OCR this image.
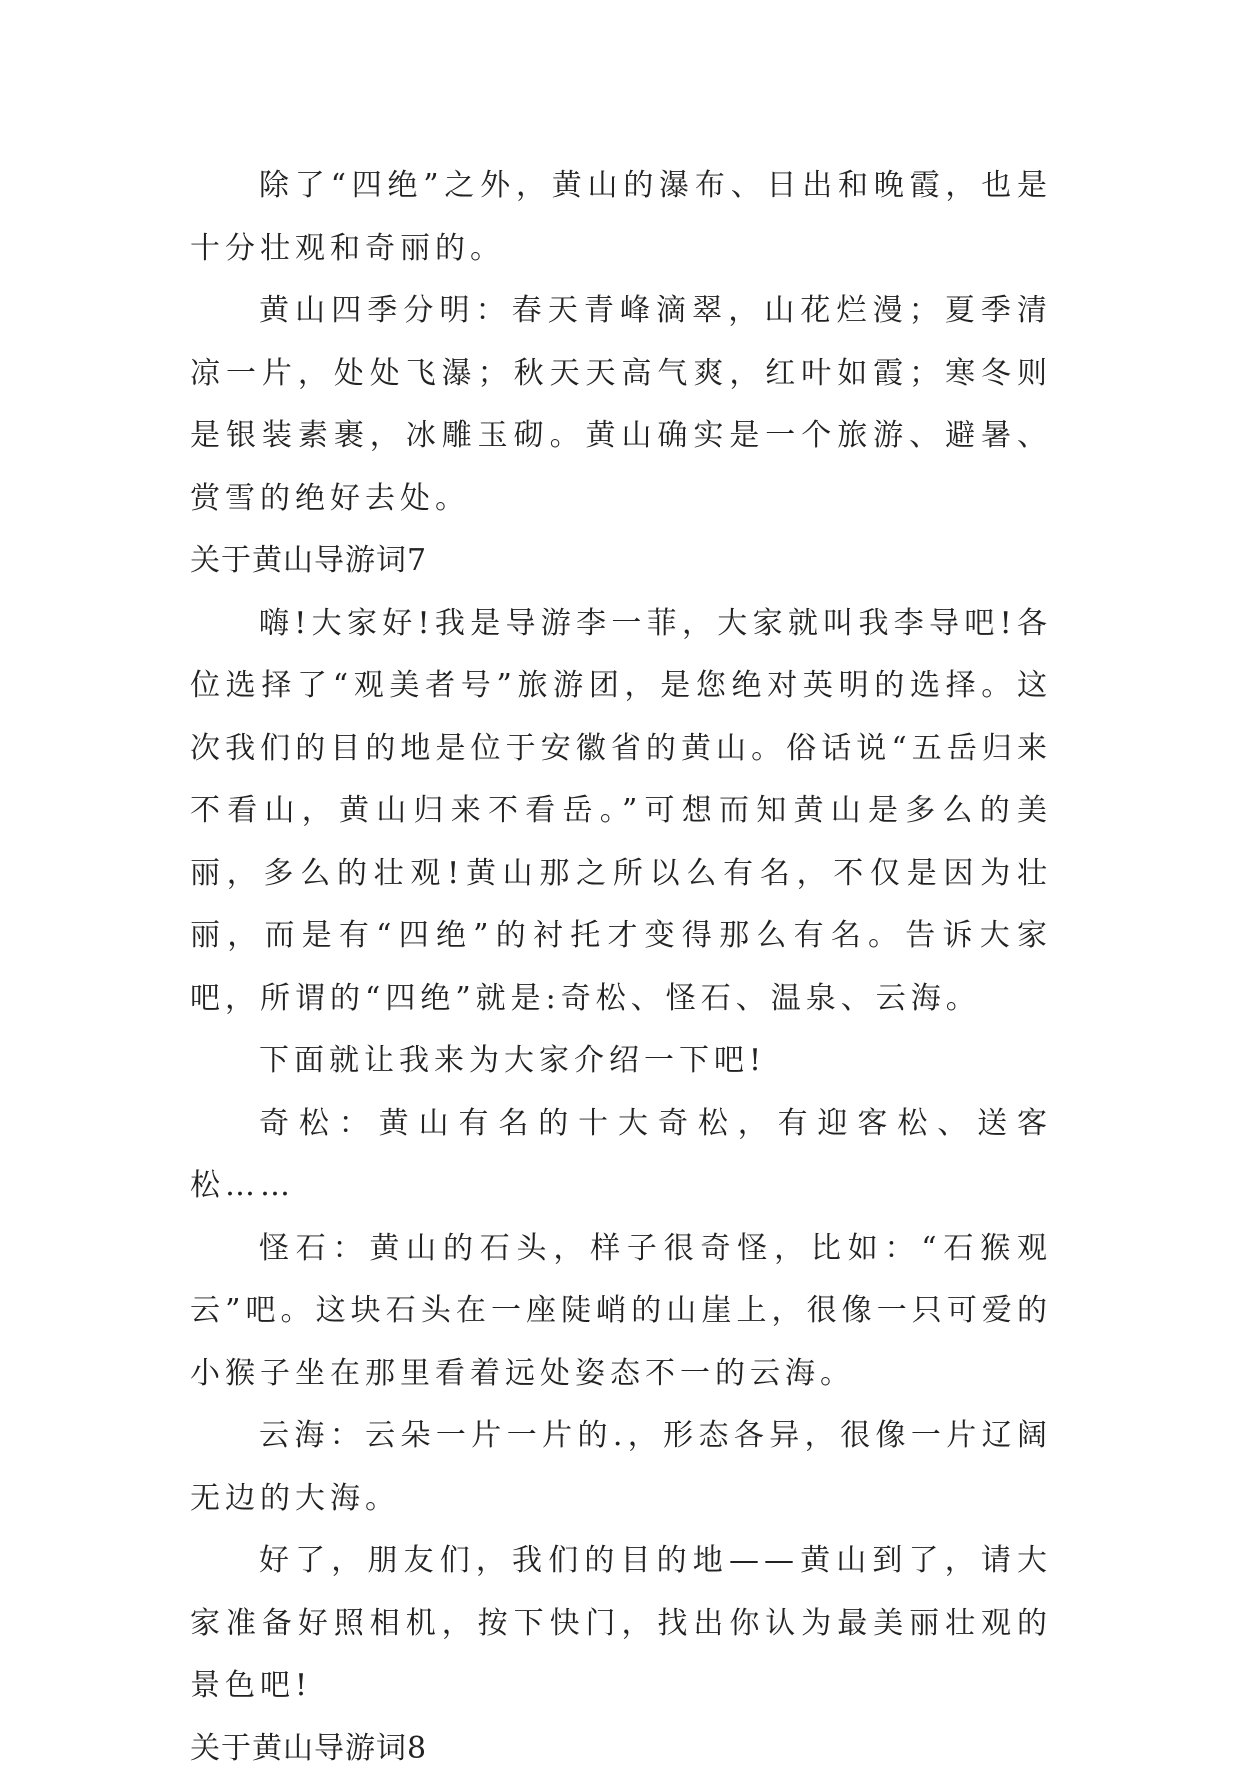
除了“四绝”之外，黄山的瀑布、日出和晚霞，也是十分壮观和奇丽的。

黄山四季分明：春天青峰滴翠，山花烂漫；夏季清凉一片，处处飞瀑；秋天天高气爽，红叶如霞；寒冬则是银装素裹，冰雕玉砌。黄山确实是一个旅游、避暑、赏雪的绝好去处。

关于黄山导游词7

嗨!大家好!我是导游李一菲，大家就叫我李导吧!各位选择了“观美者号”旅游团，是您绝对英明的选择。这次我们的目的地是位于安徽省的黄山。俗话说“五岳归来不看山，黄山归来不看岳。”可想而知黄山是多么的美丽，多么的壮观!黄山那之所以么有名，不仅是因为壮丽，而是有“四绝”的衬托才变得那么有名。告诉大家吧，所谓的“四绝”就是:奇松、怪石、温泉、云海。

下面就让我来为大家介绍一下吧!

奇松：黄山有名的十大奇松，有迎客松、送客松……

怪石：黄山的石头，样子很奇怪，比如：“石猴观云”吧。这块石头在一座陡峭的山崖上，很像一只可爱的小猴子坐在那里看着远处姿态不一的云海。

云海：云朵一片一片的.，形态各异，很像一片辽阔无边的大海。

好了，朋友们，我们的目的地——黄山到了，请大家准备好照相机，按下快门，找出你认为最美丽壮观的景色吧!

关于黄山导游词8
